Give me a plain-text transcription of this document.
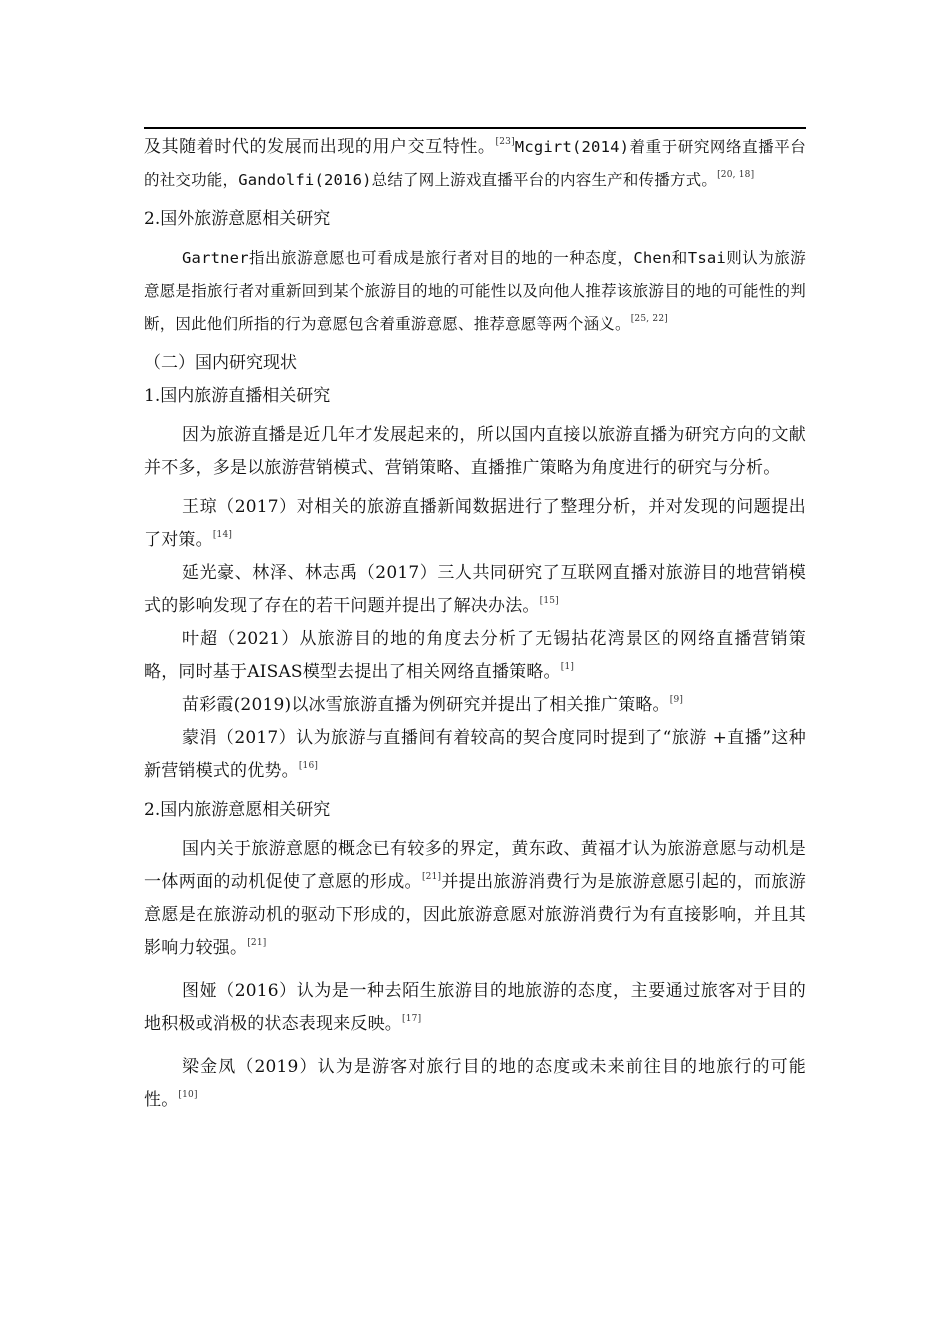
及其随着时代的发展而出现的用户交互特性。[23]Mcgirt(2014)着重于研究网络直播平台的社交功能，Gandolfi(2016)总结了网上游戏直播平台的内容生产和传播方式。[20, 18]

2.国外旅游意愿相关研究

Gartner指出旅游意愿也可看成是旅行者对目的地的一种态度，Chen和Tsai则认为旅游意愿是指旅行者对重新回到某个旅游目的地的可能性以及向他人推荐该旅游目的地的可能性的判断，因此他们所指的行为意愿包含着重游意愿、推荐意愿等两个涵义。[25, 22]

（二）国内研究现状

1.国内旅游直播相关研究

因为旅游直播是近几年才发展起来的，所以国内直接以旅游直播为研究方向的文献并不多，多是以旅游营销模式、营销策略、直播推广策略为角度进行的研究与分析。

王琼（2017）对相关的旅游直播新闻数据进行了整理分析，并对发现的问题提出了对策。[14]

延光豪、林泽、林志禹（2017）三人共同研究了互联网直播对旅游目的地营销模式的影响发现了存在的若干问题并提出了解决办法。[15]

叶超（2021）从旅游目的地的角度去分析了无锡拈花湾景区的网络直播营销策略，同时基于AISAS模型去提出了相关网络直播策略。[1]

苗彩霞(2019)以冰雪旅游直播为例研究并提出了相关推广策略。[9]

蒙涓（2017）认为旅游与直播间有着较高的契合度同时提到了“旅游 +直播”这种新营销模式的优势。[16]

2.国内旅游意愿相关研究

国内关于旅游意愿的概念已有较多的界定，黄东政、黄福才认为旅游意愿与动机是一体两面的动机促使了意愿的形成。[21]并提出旅游消费行为是旅游意愿引起的，而旅游意愿是在旅游动机的驱动下形成的，因此旅游意愿对旅游消费行为有直接影响，并且其影响力较强。[21]

图娅（2016）认为是一种去陌生旅游目的地旅游的态度，主要通过旅客对于目的地积极或消极的状态表现来反映。[17]

梁金凤（2019）认为是游客对旅行目的地的态度或未来前往目的地旅行的可能性。[10]
